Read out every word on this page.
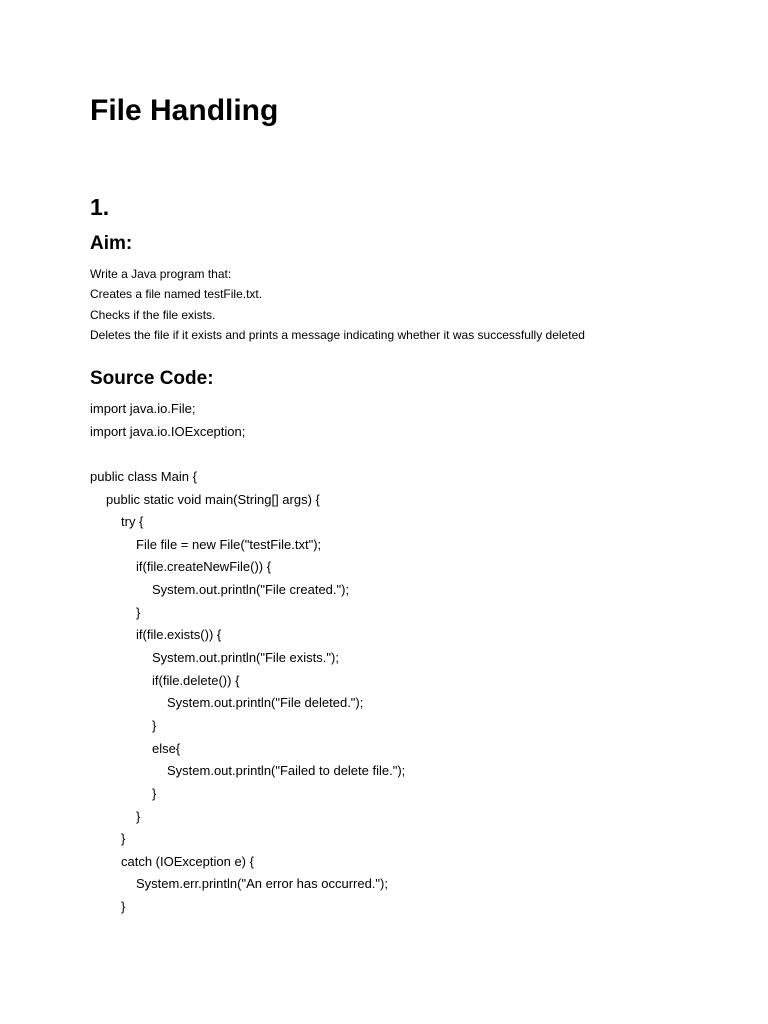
File Handling
1.
Aim:
Write a Java program that:
Creates a file named testFile.txt.
Checks if the file exists.
Deletes the file if it exists and prints a message indicating whether it was successfully deleted
Source Code:
import java.io.File;
import java.io.IOException;
public class Main {
public static void main(String[] args) {
try {
File file = new File("testFile.txt");
if(file.createNewFile()) {
System.out.println("File created.");
}
if(file.exists()) {
System.out.println("File exists.");
if(file.delete()) {
System.out.println("File deleted.");
}
else{
System.out.println("Failed to delete file.");
}
}
}
catch (IOException e) {
System.err.println("An error has occurred.");
}
